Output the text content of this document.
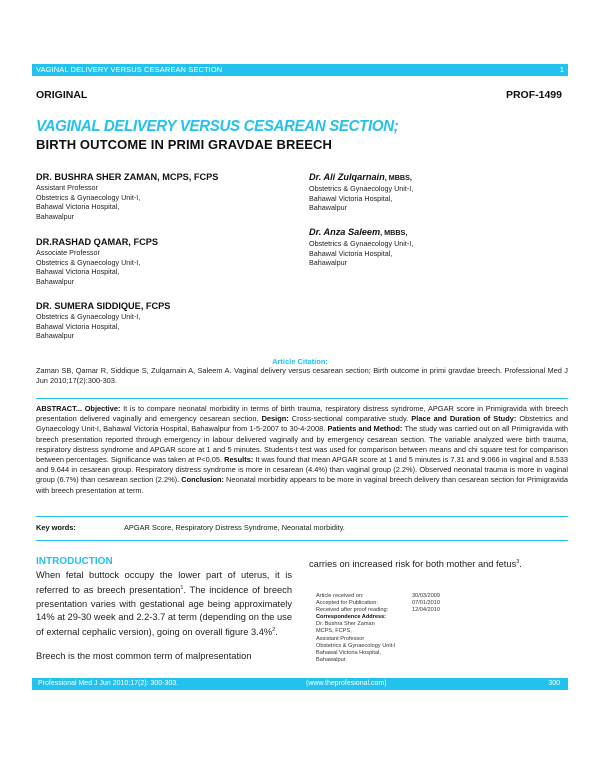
VAGINAL DELIVERY VERSUS CESAREAN SECTION	1
ORIGINAL	PROF-1499
VAGINAL DELIVERY VERSUS CESAREAN SECTION;
BIRTH OUTCOME IN PRIMI GRAVDAE BREECH
DR. BUSHRA SHER ZAMAN, MCPS, FCPS
Assistant Professor
Obstetrics & Gynaecology Unit-I,
Bahawal Victoria Hospital,
Bahawalpur
DR.RASHAD QAMAR, FCPS
Associate Professor
Obstetrics & Gynaecology Unit-I,
Bahawal Victoria Hospital,
Bahawalpur
DR. SUMERA SIDDIQUE, FCPS
Obstetrics & Gynaecology Unit-I,
Bahawal Victoria Hospital,
Bahawalpur
Dr. Ali Zulqarnain, MBBS,
Obstetrics & Gynaecology Unit-I,
Bahawal Victoria Hospital,
Bahawalpur
Dr. Anza Saleem, MBBS,
Obstetrics & Gynaecology Unit-I,
Bahawal Victoria Hospital,
Bahawalpur
Article Citation:
Zaman SB, Qamar R, Siddique S, Zulqarnain A, Saleem A. Vaginal delivery versus cesarean section; Birth outcome in primi gravdae breech. Professional Med J Jun 2010;17(2):300-303.
ABSTRACT... Objective: It is to compare neonatal morbidity in terms of birth trauma, respiratory distress syndrome, APGAR score in Primigravida with breech presentation delivered vaginally and emergency cesarean section. Design: Cross-sectional comparative study. Place and Duration of Study: Obstetrics and Gynaecology Unit-I, Bahawal Victoria Hospital, Bahawalpur from 1-5-2007 to 30-4-2008. Patients and Method: The study was carried out on all Primigravida with breech presentation reported through emergency in labour delivered vaginally and by emergency cesarean section. The variable analyzed were birth trauma, respiratory distress syndrome and APGAR score at 1 and 5 minutes. Students-t test was used for comparison between means and chi square test for comparison between percentages. Significance was taken at P<0.05. Results: It was found that mean APGAR score at 1 and 5 minutes is 7.31 and 9.066 in vaginal and 8.533 and 9.644 in cesarean group. Respiratory distress syndrome is more in cesarean (4.4%) than vaginal group (2.2%). Observed neonatal trauma is more in vaginal group (6.7%) than cesarean section (2.2%). Conclusion: Neonatal morbidity appears to be more in vaginal breech delivery than cesarean section for Primigravida with breech presentation at term.
Key words:	APGAR Score, Respiratory Distress Syndrome, Neonatal morbidity.
INTRODUCTION
When fetal buttock occupy the lower part of uterus, it is referred to as breech presentation$^1$. The incidence of breech presentation varies with gestational age being approximately 14% at 29-30 week and 2.2-3.7 at term (depending on the use of external cephalic version), going on overall figure 3.4%$^2$.
Breech is the most common term of malpresentation
carries on increased risk for both mother and fetus$^3$.
Article received on:	30/03/2009
Accepted for Publication:	07/01/2010
Received after proof reading:	12/04/2010
Correspondence Address:
Dr. Bushra Sher Zaman
MCPS, FCPS,
Assistant Professor
Obstetrics & Gynaecology Unit-I
Bahawal Victoria Hospital,
Bahawalpur
Professional Med J Jun 2010;17(2): 300-303.	(www.theprofesional.com)	300
